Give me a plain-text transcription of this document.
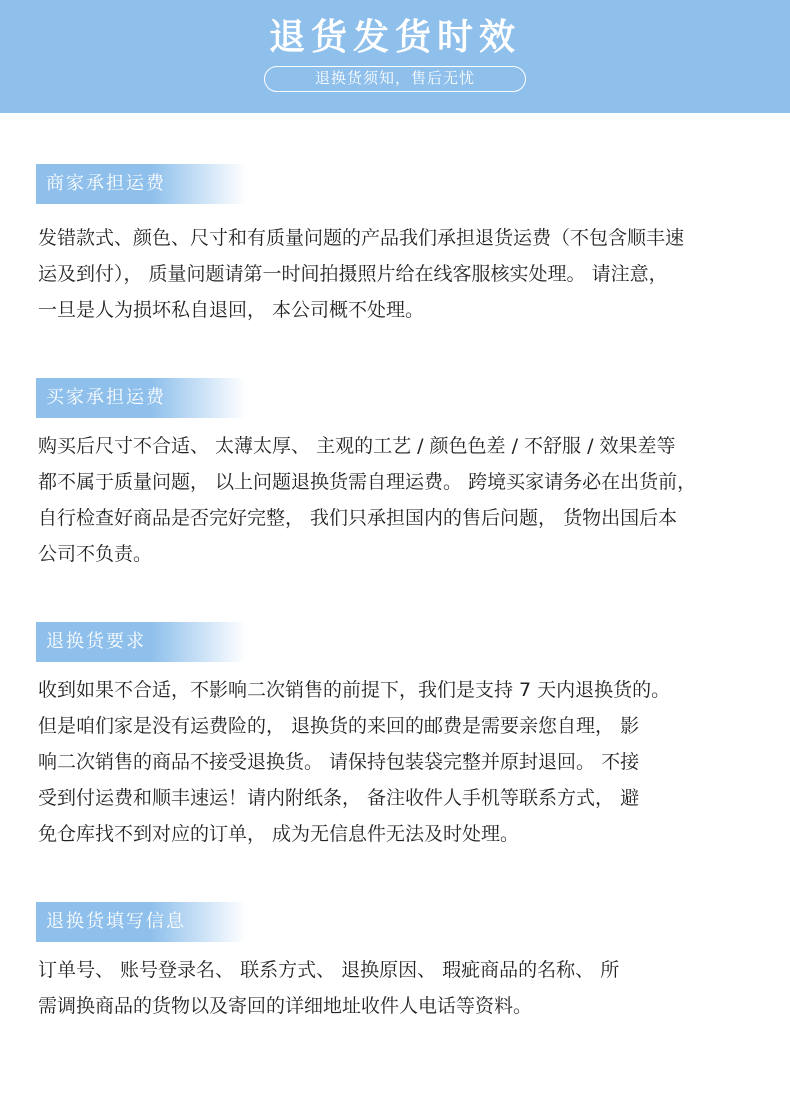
退货发货时效
退换货须知，售后无忧
商家承担运费

发错款式、颜色、尺寸和有质量问题的产品我们承担退货运费（不包含顺丰速

运及到付）， 质量问题请第一时间拍摄照片给在线客服核实处理。 请注意，

一旦是人为损坏私自退回， 本公司概不处理。

买家承担运费

购买后尺寸不合适、 太薄太厚、 主观的工艺 / 颜色色差 / 不舒服 / 效果差等

都不属于质量问题， 以上问题退换货需自理运费。 跨境买家请务必在出货前，

自行检查好商品是否完好完整， 我们只承担国内的售后问题， 货物出国后本

公司不负责。

退换货要求

收到如果不合适，不影响二次销售的前提下，我们是支持 7 天内退换货的。

但是咱们家是没有运费险的， 退换货的来回的邮费是需要亲您自理， 影

响二次销售的商品不接受退换货。 请保持包装袋完整并原封退回。 不接

受到付运费和顺丰速运！请内附纸条， 备注收件人手机等联系方式， 避

免仓库找不到对应的订单， 成为无信息件无法及时处理。

退换货填写信息

订单号、 账号登录名、 联系方式、 退换原因、 瑕疵商品的名称、 所

需调换商品的货物以及寄回的详细地址收件人电话等资料。
